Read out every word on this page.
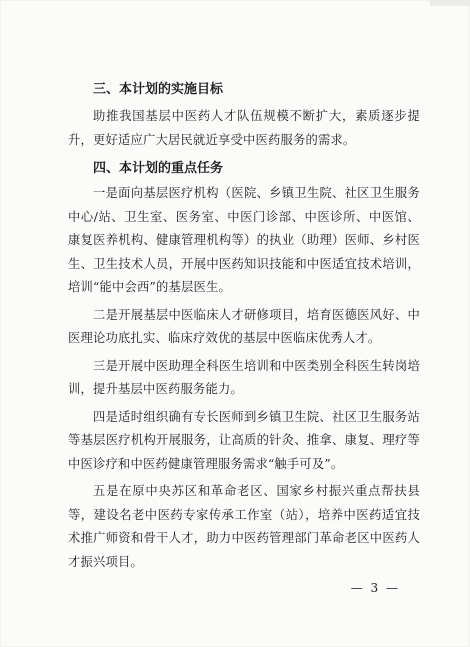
三、本计划的实施目标

助推我国基层中医药人才队伍规模不断扩大，素质逐步提升，更好适应广大居民就近享受中医药服务的需求。

四、本计划的重点任务

一是面向基层医疗机构（医院、乡镇卫生院、社区卫生服务中心/站、卫生室、医务室、中医门诊部、中医诊所、中医馆、康复医养机构、健康管理机构等）的执业（助理）医师、乡村医生、卫生技术人员，开展中医药知识技能和中医适宜技术培训，培训“能中会西”的基层医生。

二是开展基层中医临床人才研修项目，培育医德医风好、中医理论功底扎实、临床疗效优的基层中医临床优秀人才。

三是开展中医助理全科医生培训和中医类别全科医生转岗培训，提升基层中医药服务能力。

四是适时组织确有专长医师到乡镇卫生院、社区卫生服务站等基层医疗机构开展服务，让高质的针灸、推拿、康复、理疗等中医诊疗和中医药健康管理服务需求“触手可及”。

五是在原中央苏区和革命老区、国家乡村振兴重点帮扶县等，建设名老中医药专家传承工作室（站），培养中医药适宜技术推广师资和骨干人才，助力中医药管理部门革命老区中医药人才振兴项目。

— 3 —
